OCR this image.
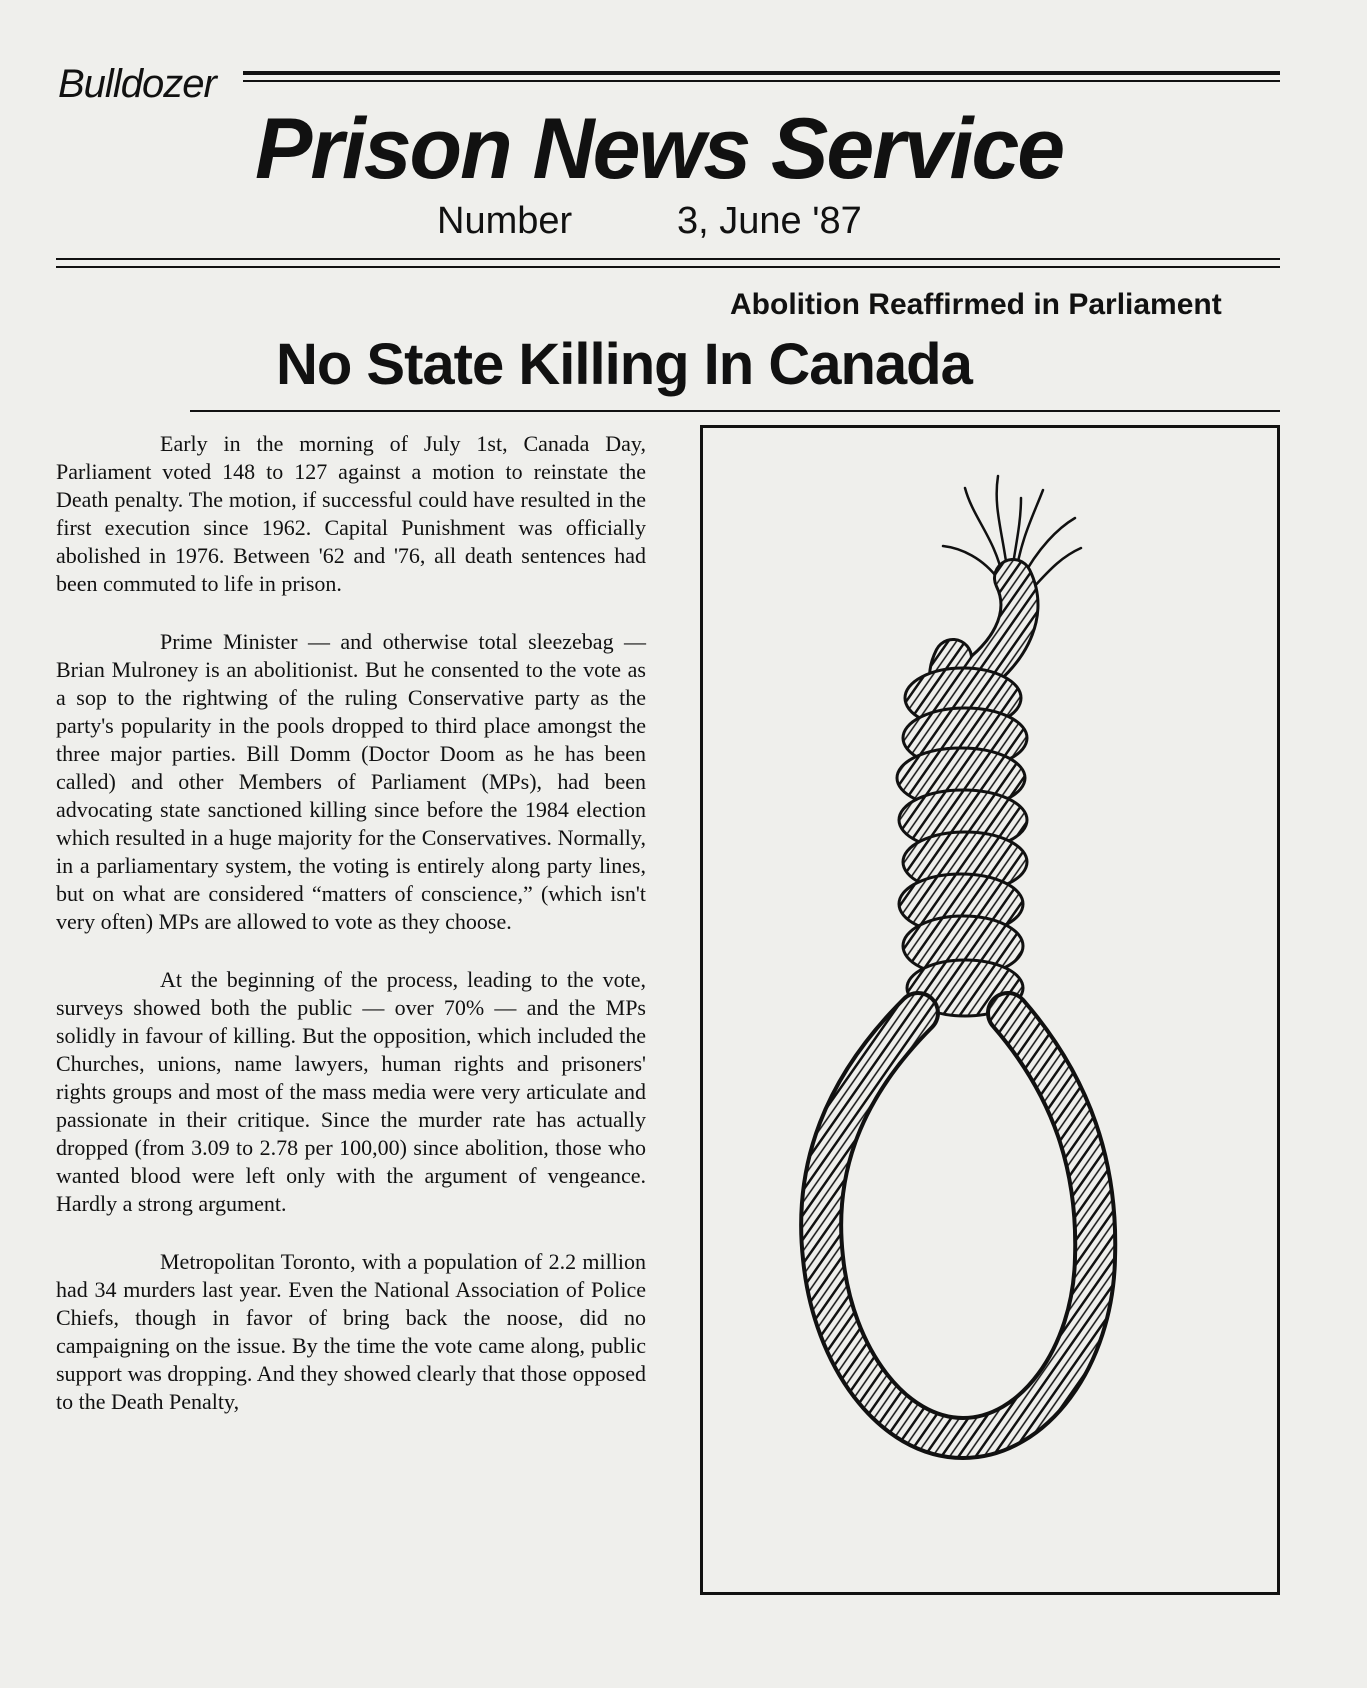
Bulldozer
Prison News Service
Number	3, June '87
Abolition Reaffirmed in Parliament
No State Killing In Canada

Early in the morning of July 1st, Canada Day, Parliament voted 148 to 127 against a motion to reinstate the Death penalty. The motion, if successful could have resulted in the first execution since 1962. Capital Punishment was officially abolished in 1976. Between '62 and '76, all death sentences had been commuted to life in prison.

Prime Minister — and otherwise total sleezebag — Brian Mulroney is an abolitionist. But he consented to the vote as a sop to the rightwing of the ruling Conservative party as the party's popularity in the pools dropped to third place amongst the three major parties. Bill Domm (Doctor Doom as he has been called) and other Members of Parliament (MPs), had been advocating state sanctioned killing since before the 1984 election which resulted in a huge majority for the Conservatives. Normally, in a parliamentary system, the voting is entirely along party lines, but on what are considered “matters of conscience,” (which isn't very often) MPs are allowed to vote as they choose.

At the beginning of the process, leading to the vote, surveys showed both the public — over 70% — and the MPs solidly in favour of killing. But the opposition, which included the Churches, unions, name lawyers, human rights and prisoners' rights groups and most of the mass media were very articulate and passionate in their critique. Since the murder rate has actually dropped (from 3.09 to 2.78 per 100,00) since abolition, those who wanted blood were left only with the argument of vengeance. Hardly a strong argument.

Metropolitan Toronto, with a population of 2.2 million had 34 murders last year. Even the National Association of Police Chiefs, though in favor of bring back the noose, did no campaigning on the issue. By the time the vote came along, public support was dropping. And they showed clearly that those opposed to the Death Penalty,
